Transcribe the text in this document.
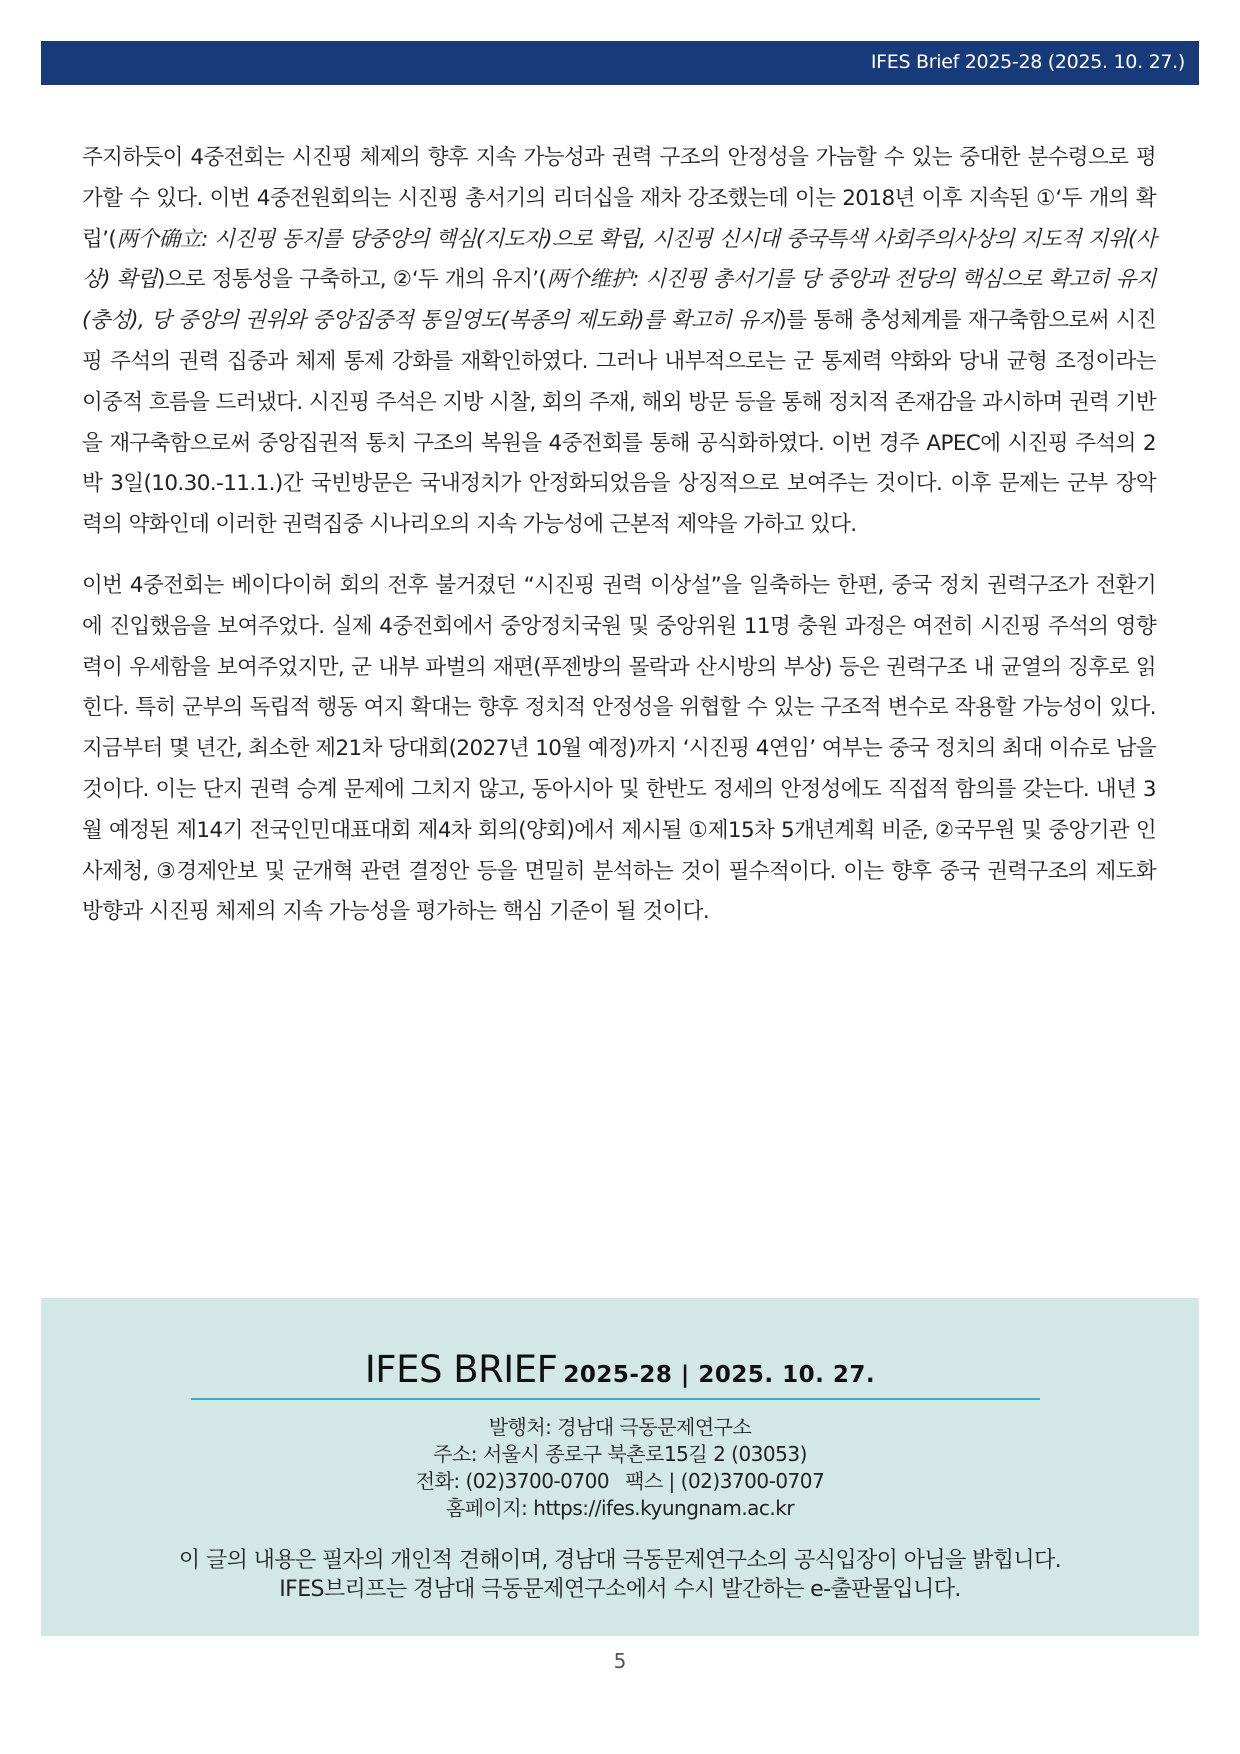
IFES Brief 2025-28 (2025. 10. 27.)

주지하듯이 4중전회는 시진핑 체제의 향후 지속 가능성과 권력 구조의 안정성을 가늠할 수 있는 중대한 분수령으로 평가할 수 있다. 이번 4중전원회의는 시진핑 총서기의 리더십을 재차 강조했는데 이는 2018년 이후 지속된 ①‘두 개의 확립’(两个确立: 시진핑 동지를 당중앙의 핵심(지도자)으로 확립, 시진핑 신시대 중국특색 사회주의사상의 지도적 지위(사상) 확립)으로 정통성을 구축하고, ②‘두 개의 유지’(两个维护: 시진핑 총서기를 당 중앙과 전당의 핵심으로 확고히 유지(충성), 당 중앙의 권위와 중앙집중적 통일영도(복종의 제도화)를 확고히 유지)를 통해 충성체계를 재구축함으로써 시진핑 주석의 권력 집중과 체제 통제 강화를 재확인하였다. 그러나 내부적으로는 군 통제력 약화와 당내 균형 조정이라는 이중적 흐름을 드러냈다. 시진핑 주석은 지방 시찰, 회의 주재, 해외 방문 등을 통해 정치적 존재감을 과시하며 권력 기반을 재구축함으로써 중앙집권적 통치 구조의 복원을 4중전회를 통해 공식화하였다. 이번 경주 APEC에 시진핑 주석의 2박 3일(10.30.-11.1.)간 국빈방문은 국내정치가 안정화되었음을 상징적으로 보여주는 것이다. 이후 문제는 군부 장악력의 약화인데 이러한 권력집중 시나리오의 지속 가능성에 근본적 제약을 가하고 있다.

이번 4중전회는 베이다이허 회의 전후 불거졌던 “시진핑 권력 이상설”을 일축하는 한편, 중국 정치 권력구조가 전환기에 진입했음을 보여주었다. 실제 4중전회에서 중앙정치국원 및 중앙위원 11명 충원 과정은 여전히 시진핑 주석의 영향력이 우세함을 보여주었지만, 군 내부 파벌의 재편(푸젠방의 몰락과 산시방의 부상) 등은 권력구조 내 균열의 징후로 읽힌다. 특히 군부의 독립적 행동 여지 확대는 향후 정치적 안정성을 위협할 수 있는 구조적 변수로 작용할 가능성이 있다. 지금부터 몇 년간, 최소한 제21차 당대회(2027년 10월 예정)까지 ‘시진핑 4연임’ 여부는 중국 정치의 최대 이슈로 남을 것이다. 이는 단지 권력 승계 문제에 그치지 않고, 동아시아 및 한반도 정세의 안정성에도 직접적 함의를 갖는다. 내년 3월 예정된 제14기 전국인민대표대회 제4차 회의(양회)에서 제시될 ①제15차 5개년계획 비준, ②국무원 및 중앙기관 인사제청, ③경제안보 및 군개혁 관련 결정안 등을 면밀히 분석하는 것이 필수적이다. 이는 향후 중국 권력구조의 제도화 방향과 시진핑 체제의 지속 가능성을 평가하는 핵심 기준이 될 것이다.

IFES BRIEF 2025-28 | 2025. 10. 27.
발행처: 경남대 극동문제연구소
주소: 서울시 종로구 북촌로15길 2 (03053)
전화: (02)3700-0700 팩스 | (02)3700-0707
홈페이지: https://ifes.kyungnam.ac.kr
이 글의 내용은 필자의 개인적 견해이며, 경남대 극동문제연구소의 공식입장이 아님을 밝힙니다.
IFES브리프는 경남대 극동문제연구소에서 수시 발간하는 e-출판물입니다.
5
